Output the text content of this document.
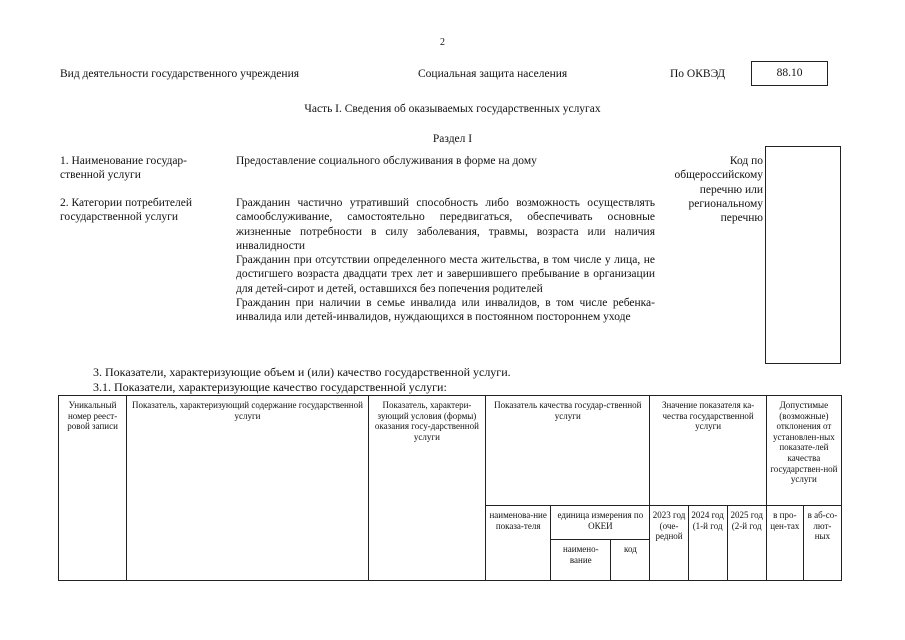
2
Вид деятельности государственного учреждения	Социальная защита населения	По ОКВЭД	88.10
Часть I. Сведения об оказываемых государственных услугах
Раздел I
1. Наименование государ-ственной услуги
Предоставление социального обслуживания в форме на дому
2. Категории потребителей государственной услуги

Гражданин частично утративший способность либо возможность осуществлять самообслуживание, самостоятельно передвигаться, обеспечивать основные жизненные потребности в силу заболевания, травмы, возраста или наличия инвалидности

Гражданин при отсутствии определенного места жительства, в том числе у лица, не достигшего возраста двадцати трех лет и завершившего пребывание в организации для детей-сирот и детей, оставшихся без попечения родителей

Гражданин при наличии в семье инвалида или инвалидов, в том числе ребенка-инвалида или детей-инвалидов, нуждающихся в постоянном постороннем уходе

Код по общероссийскому перечню или региональному перечню
3. Показатели, характеризующие объем и (или) качество государственной услуги.
3.1. Показатели, характеризующие качество государственной услуги:
Уникальный номер реест-ровой записи	Показатель, характеризующий содержание государственной услуги	Показатель, характери-зующий условия (формы) оказания госу-дарственной услуги	Показатель качества государ-ственной услуги			Значение показателя ка-чества государственной услуги			Допустимые (возможные) отклонения от установлен-ных показате-лей качества государствен-ной услуги	
			наименова-ние показа-теля	единица измерения по ОКЕИ		2023 год (оче-редной	2024 год (1-й год	2025 год (2-й год	в про-цен-тах	в аб-со-лют-ных
				наимено-вание	код					
